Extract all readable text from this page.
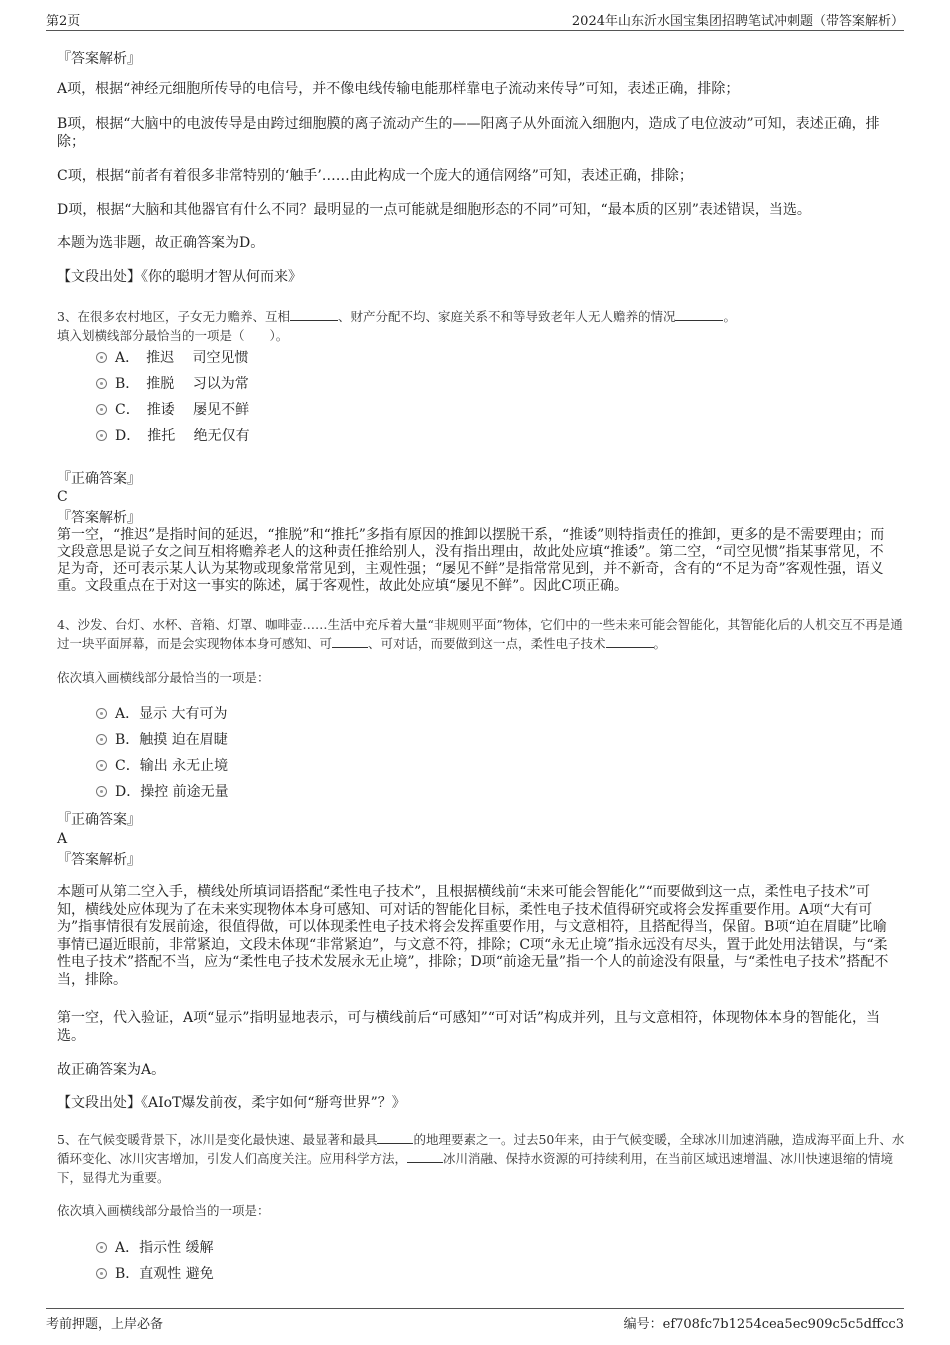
第2页	2024年山东沂水国宝集团招聘笔试冲刺题（带答案解析）
『答案解析』
A项，根据“神经元细胞所传导的电信号，并不像电线传输电能那样靠电子流动来传导”可知，表述正确，排除；
B项，根据“大脑中的电波传导是由跨过细胞膜的离子流动产生的——阳离子从外面流入细胞内，造成了电位波动”可知，表述正确，排除；
C项，根据“前者有着很多非常特别的‘触手’……由此构成一个庞大的通信网络”可知，表述正确，排除；
D项，根据“大脑和其他器官有什么不同？最明显的一点可能就是细胞形态的不同”可知，“最本质的区别”表述错误，当选。
本题为选非题，故正确答案为D。
【文段出处】《你的聪明才智从何而来》
3、在很多农村地区，子女无力赡养、互相	、财产分配不均、家庭关系不和等导致老年人无人赡养的情况	。
填入划横线部分最恰当的一项是（　　）。
A．　推迟　 司空见惯
B．　推脱　 习以为常
C．　推诿　 屡见不鲜
D．　推托　 绝无仅有
『正确答案』
C
『答案解析』
第一空，“推迟”是指时间的延迟，“推脱”和“推托”多指有原因的推卸以摆脱干系，“推诿”则特指责任的推卸，更多的是不需要理由；而文段意思是说子女之间互相将赡养老人的这种责任推给别人，没有指出理由，故此处应填“推诿”。第二空，“司空见惯”指某事常见，不足为奇，还可表示某人认为某物或现象常常见到，主观性强；“屡见不鲜”是指常常见到，并不新奇，含有的“不足为奇”客观性强，语义重。文段重点在于对这一事实的陈述，属于客观性，故此处应填“屡见不鲜”。因此C项正确。
4、沙发、台灯、水杯、音箱、灯罩、咖啡壶……生活中充斥着大量“非规则平面”物体，它们中的一些未来可能会智能化，其智能化后的人机交互不再是通过一块平面屏幕，而是会实现物体本身可感知、可	、可对话，而要做到这一点，柔性电子技术	。
依次填入画横线部分最恰当的一项是：
A．显示 大有可为
B．触摸 迫在眉睫
C．输出 永无止境
D．操控 前途无量
『正确答案』
A
『答案解析』
本题可从第二空入手，横线处所填词语搭配“柔性电子技术”，且根据横线前“未来可能会智能化”“而要做到这一点，柔性电子技术”可知，横线处应体现为了在未来实现物体本身可感知、可对话的智能化目标，柔性电子技术值得研究或将会发挥重要作用。A项“大有可为”指事情很有发展前途，很值得做，可以体现柔性电子技术将会发挥重要作用，与文意相符，且搭配得当，保留。B项“迫在眉睫”比喻事情已逼近眼前，非常紧迫，文段未体现“非常紧迫”，与文意不符，排除；C项“永无止境”指永远没有尽头，置于此处用法错误，与“柔性电子技术”搭配不当，应为“柔性电子技术发展永无止境”，排除；D项“前途无量”指一个人的前途没有限量，与“柔性电子技术”搭配不当，排除。
第一空，代入验证，A项“显示”指明显地表示，可与横线前后“可感知”“可对话”构成并列，且与文意相符，体现物体本身的智能化，当选。
故正确答案为A。
【文段出处】《AIoT爆发前夜，柔宇如何“掰弯世界”？》
5、在气候变暖背景下，冰川是变化最快速、最显著和最具	的地理要素之一。过去50年来，由于气候变暖，全球冰川加速消融，造成海平面上升、水循环变化、冰川灾害增加，引发人们高度关注。应用科学方法，	冰川消融、保持水资源的可持续利用，在当前区域迅速增温、冰川快速退缩的情境下，显得尤为重要。
依次填入画横线部分最恰当的一项是：
A．指示性 缓解
B．直观性 避免
考前押题，上岸必备	编号：ef708fc7b1254cea5ec909c5c5dffcc3
